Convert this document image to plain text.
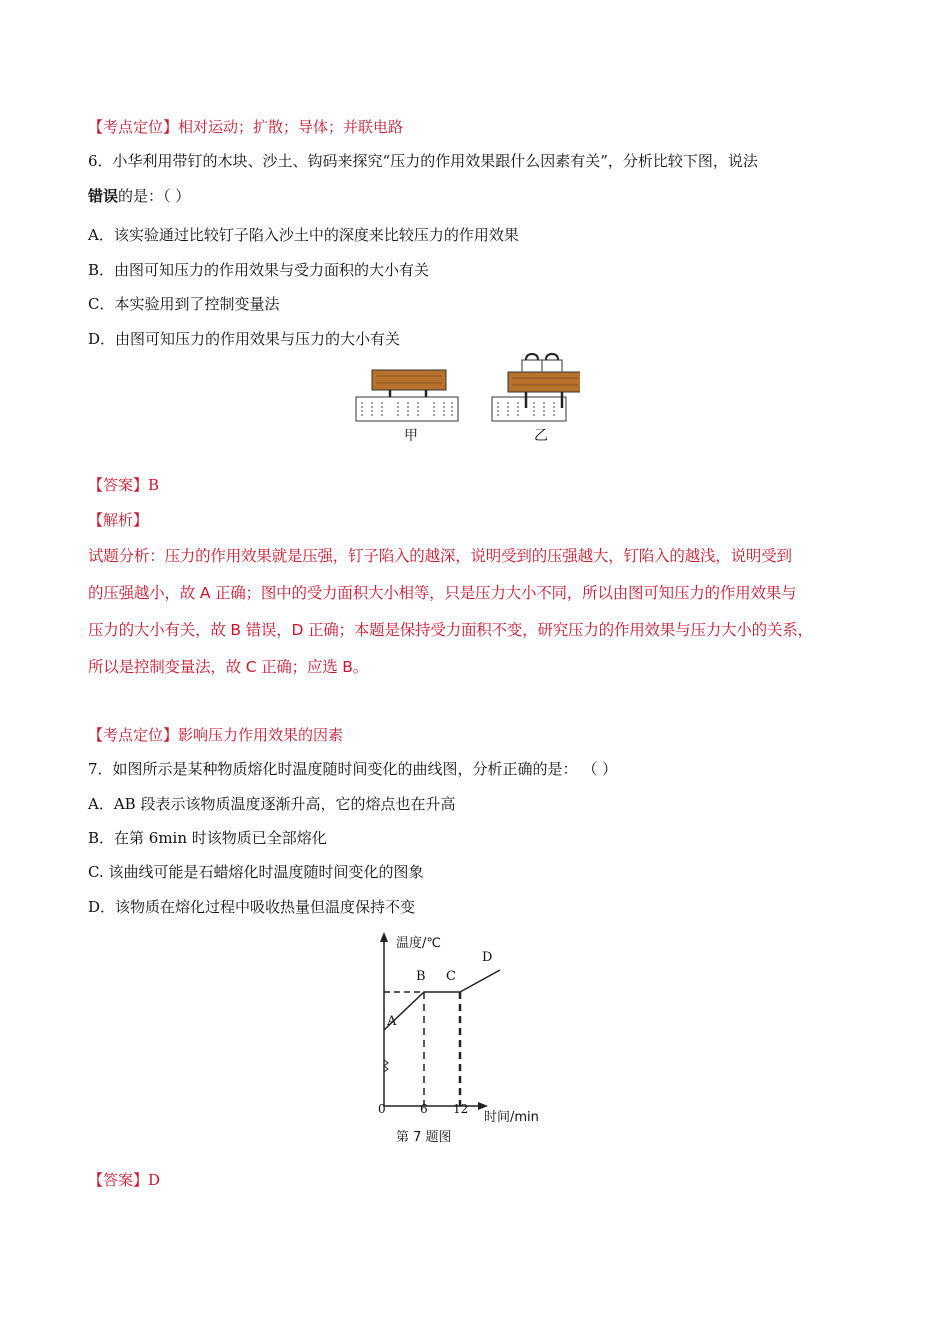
【考点定位】相对运动；扩散；导体；并联电路
6．小华利用带钉的木块、沙土、钩码来探究“压力的作用效果跟什么因素有关”，分析比较下图，说法
错误的是：（ ）
A．该实验通过比较钉子陷入沙土中的深度来比较压力的作用效果
B．由图可知压力的作用效果与受力面积的大小有关
C．本实验用到了控制变量法
D．由图可知压力的作用效果与压力的大小有关
甲	乙
【答案】B
【解析】
试题分析：压力的作用效果就是压强，钉子陷入的越深，说明受到的压强越大，钉陷入的越浅，说明受到
的压强越小，故 A 正确；图中的受力面积大小相等，只是压力大小不同，所以由图可知压力的作用效果与
压力的大小有关，故 B 错误，D 正确；本题是保持受力面积不变，研究压力的作用效果与压力大小的关系，
所以是控制变量法，故 C 正确；应选 B。
【考点定位】影响压力作用效果的因素
7．如图所示是某种物质熔化时温度随时间变化的曲线图，分析正确的是： （ ）
A．AB 段表示该物质温度逐渐升高，它的熔点也在升高
B．在第 6min 时该物质已全部熔化
C. 该曲线可能是石蜡熔化时温度随时间变化的图象
D．该物质在熔化过程中吸收热量但温度保持不变
温度/℃
A
B C
D
0	6 12
时间/min
第 7 题图
【答案】D
